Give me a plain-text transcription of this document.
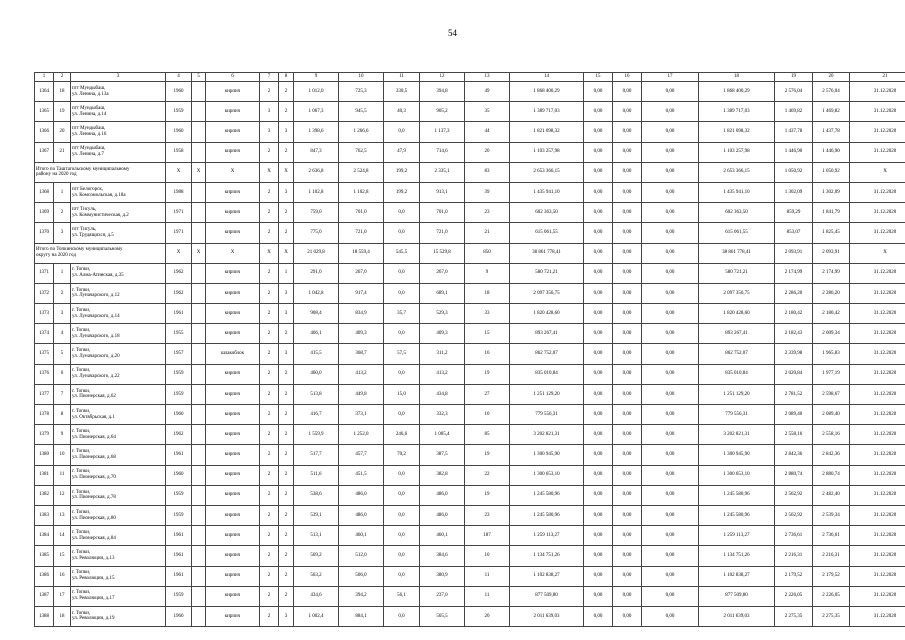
54
1	2	3	4	5	6	7	8	9	10	11	12	13	14	15	16	17	18	19	20	21
1364	18	пгт Мундыбаш,
ул. Ленина, д.13а	1960		кирпич	2	2	1 012,0	725,3	330,5	394,8	49	1 868 400,29	0,00	0,00	0,00	1 868 400,29	2 576,04	2 576,04	31.12.2020
1365	19	пгт Мундыбаш,
ул. Ленина, д.14	1959		кирпич	3	2	1 067,3	945,5	40,3	905,2	35	1 389 717,03	0,00	0,00	0,00	1 389 717,03	1 469,82	1 469,82	31.12.2020
1366	20	пгт Мундыбаш,
ул. Ленина, д.16	1960		кирпич	3	3	1 398,6	1 266,6	0,0	1 137,3	44	1 821 098,32	0,00	0,00	0,00	1 821 098,32	1 437,78	1 437,78	31.12.2020
1367	21	пгт Мундыбаш,
ул. Ленина, д.7	1958		кирпич	2	2	847,3	762,5	47,9	714,6	20	1 103 257,98	0,00	0,00	0,00	1 103 257,98	1 446,90	1 446,90	31.12.2020
Итого по Таштагольскому муниципальному
району на 2020 год			X	X	X	X	X	2 636,8	2 524,8	199,2	2 335,1	83	2 653 366,15	0,00	0,00	0,00	2 653 366,15	1 050,92	1 050,92	X
1368	1	пгт Белогорск,
ул. Комсомольская, д.18а	1988		кирпич	2	3	1 102,8	1 102,8	199,2	913,1	39	1 435 941,10	0,00	0,00	0,00	1 435 941,10	1 302,09	1 302,09	31.12.2020
1369	2	пгт Тисуль,
ул. Коммунистическая, д.2	1971		кирпич	2	2	759,0	701,0	0,0	701,0	23	602 363,50	0,00	0,00	0,00	602 363,50	859,29	1 841,79	31.12.2020
1370	3	пгт Тисуль,
ул. Трудящихся, д.5	1971		кирпич	2	2	775,0	721,0	0,0	721,0	21	615 061,55	0,00	0,00	0,00	615 061,55	853,07	1 825,45	31.12.2020
Итого по Топкинскому муниципальному
округу на 2020 год			X	X	X	X	X	21 029,8	18 559,4	545,5	15 529,8	850	38 861 778,41	0,00	0,00	0,00	38 861 778,41	2 093,91	2 093,91	X
1371	1	г. Топки,
ул. Алма-Атинская, д.35	1962		кирпич	2	1	291,0	267,0	0,0	267,0	9	580 721,21	0,00	0,00	0,00	580 721,21	2 174,99	2 174,99	31.12.2020
1372	2	г. Топки,
ул. Луначарского, д.12	1962		кирпич	2	3	1 042,8	917,4	0,0	689,1	18	2 097 356,75	0,00	0,00	0,00	2 097 356,75	2 286,20	2 286,20	31.12.2020
1373	3	г. Топки,
ул. Луначарского, д.14	1961		кирпич	2	3	908,4	834,9	35,7	529,3	33	1 820 428,60	0,00	0,00	0,00	1 820 428,60	2 180,42	2 180,42	31.12.2020
1374	4	г. Топки,
ул. Луначарского, д.18	1955		кирпич	2	2	466,1	409,3	0,0	409,3	15	893 267,41	0,00	0,00	0,00	893 267,41	2 182,43	2 009,34	31.12.2020
1375	5	г. Топки,
ул. Луначарского, д.20	1957		шлакоблок	2	3	415,5	368,7	57,5	311,2	16	862 752,07	0,00	0,00	0,00	862 752,07	2 339,98	1 965,83	31.12.2020
1376	6	г. Топки,
ул. Луначарского, д.22	1959		кирпич	2	2	460,0	413,2	0,0	413,2	19	835 010,84	0,00	0,00	0,00	835 010,84	2 020,84	1 977,19	31.12.2020
1377	7	г. Топки,
ул. Пионерская, д.62	1959		кирпич	2	2	513,8	449,8	15,0	434,8	27	1 251 129,20	0,00	0,00	0,00	1 251 129,20	2 781,52	2 598,67	31.12.2020
1378	8	г. Топки,
ул. Октябрьская, д.1	1960		кирпич	2	2	416,7	373,1	0,0	332,3	10	779 556,31	0,00	0,00	0,00	779 556,31	2 089,40	2 089,40	31.12.2020
1379	9	г. Топки,
ул. Пионерская, д.64	1962		кирпич	2	2	1 559,9	1 252,0	246,6	1 005,4	85	3 202 821,31	0,00	0,00	0,00	3 202 821,31	2 558,16	2 558,16	31.12.2020
1380	10	г. Топки,
ул. Пионерская, д.68	1961		кирпич	2	2	517,7	457,7	70,2	387,5	19	1 300 945,90	0,00	0,00	0,00	1 300 945,90	2 842,36	2 842,36	31.12.2020
1381	11	г. Топки,
ул. Пионерская, д.70	1960		кирпич	2	2	511,6	451,5	0,0	382,8	22	1 300 653,10	0,00	0,00	0,00	1 300 653,10	2 880,74	2 880,74	31.12.2020
1382	12	г. Топки,
ул. Пионерская, д.78	1959		кирпич	2	2	538,6	486,0	0,0	486,0	19	1 245 580,96	0,00	0,00	0,00	1 245 580,96	2 562,92	2 482,40	31.12.2020
1383	13	г. Топки,
ул. Пионерская, д.80	1959		кирпич	2	2	539,1	486,0	0,0	486,0	23	1 245 580,96	0,00	0,00	0,00	1 245 580,96	2 562,92	2 539,34	31.12.2020
1384	14	г. Топки,
ул. Пионерская, д.84	1961		кирпич	2	2	513,1	460,1	0,0	460,1	187	1 259 113,27	0,00	0,00	0,00	1 259 113,27	2 736,61	2 736,61	31.12.2020
1385	15	г. Топки,
ул. Революции, д.13	1961		кирпич	2	2	569,2	512,0	0,0	384,6	10	1 134 751,26	0,00	0,00	0,00	1 134 751,26	2 216,31	2 216,31	31.12.2020
1386	16	г. Топки,
ул. Революции, д.15	1961		кирпич	2	2	563,2	506,0	0,0	380,9	11	1 102 838,27	0,00	0,00	0,00	1 102 838,27	2 179,52	2 179,52	31.12.2020
1387	17	г. Топки,
ул. Революции, д.17	1959		кирпич	2	2	434,6	394,2	56,1	237,0	11	877 509,80	0,00	0,00	0,00	877 509,80	2 226,05	2 226,05	31.12.2020
1388	18	г. Топки,
ул. Революции, д.19	1960		кирпич	2	3	1 002,4	884,1	0,0	565,5	20	2 011 639,03	0,00	0,00	0,00	2 011 639,03	2 275,35	2 275,35	31.12.2020
